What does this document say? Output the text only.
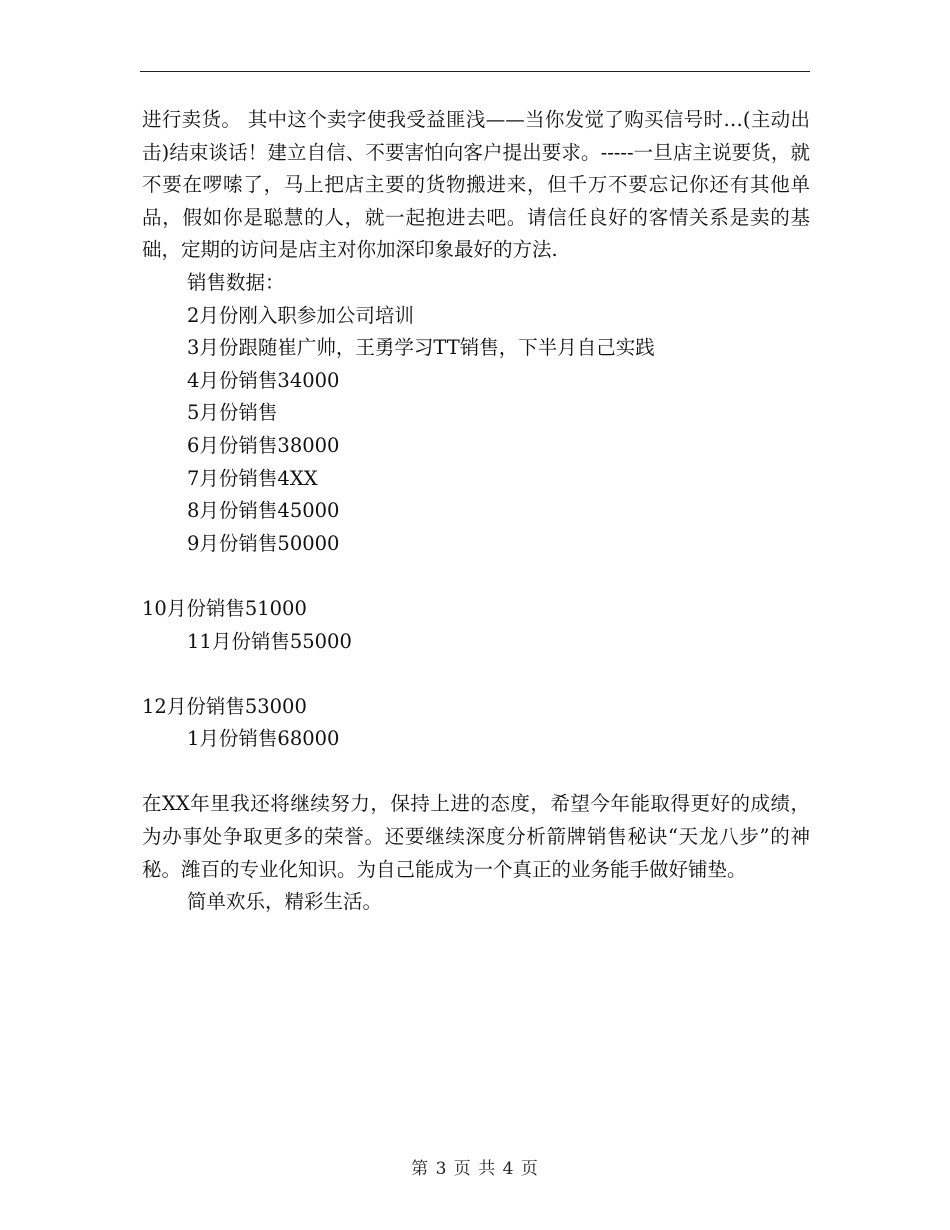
进行卖货。 其中这个卖字使我受益匪浅——当你发觉了购买信号时…(主动出击)结束谈话！建立自信、不要害怕向客户提出要求。-----一旦店主说要货，就不要在啰嗦了，马上把店主要的货物搬进来，但千万不要忘记你还有其他单品，假如你是聪慧的人，就一起抱进去吧。请信任良好的客情关系是卖的基础，定期的访问是店主对你加深印象最好的方法.

销售数据：

2月份刚入职参加公司培训

3月份跟随崔广帅，王勇学习TT销售，下半月自己实践

4月份销售34000

5月份销售

6月份销售38000

7月份销售4XX

8月份销售45000

9月份销售50000

10月份销售51000

11月份销售55000

12月份销售53000

1月份销售68000

在XX年里我还将继续努力，保持上进的态度，希望今年能取得更好的成绩，为办事处争取更多的荣誉。还要继续深度分析箭牌销售秘诀“天龙八步”的神秘。潍百的专业化知识。为自己能成为一个真正的业务能手做好铺垫。

简单欢乐，精彩生活。

第 3 页 共 4 页
